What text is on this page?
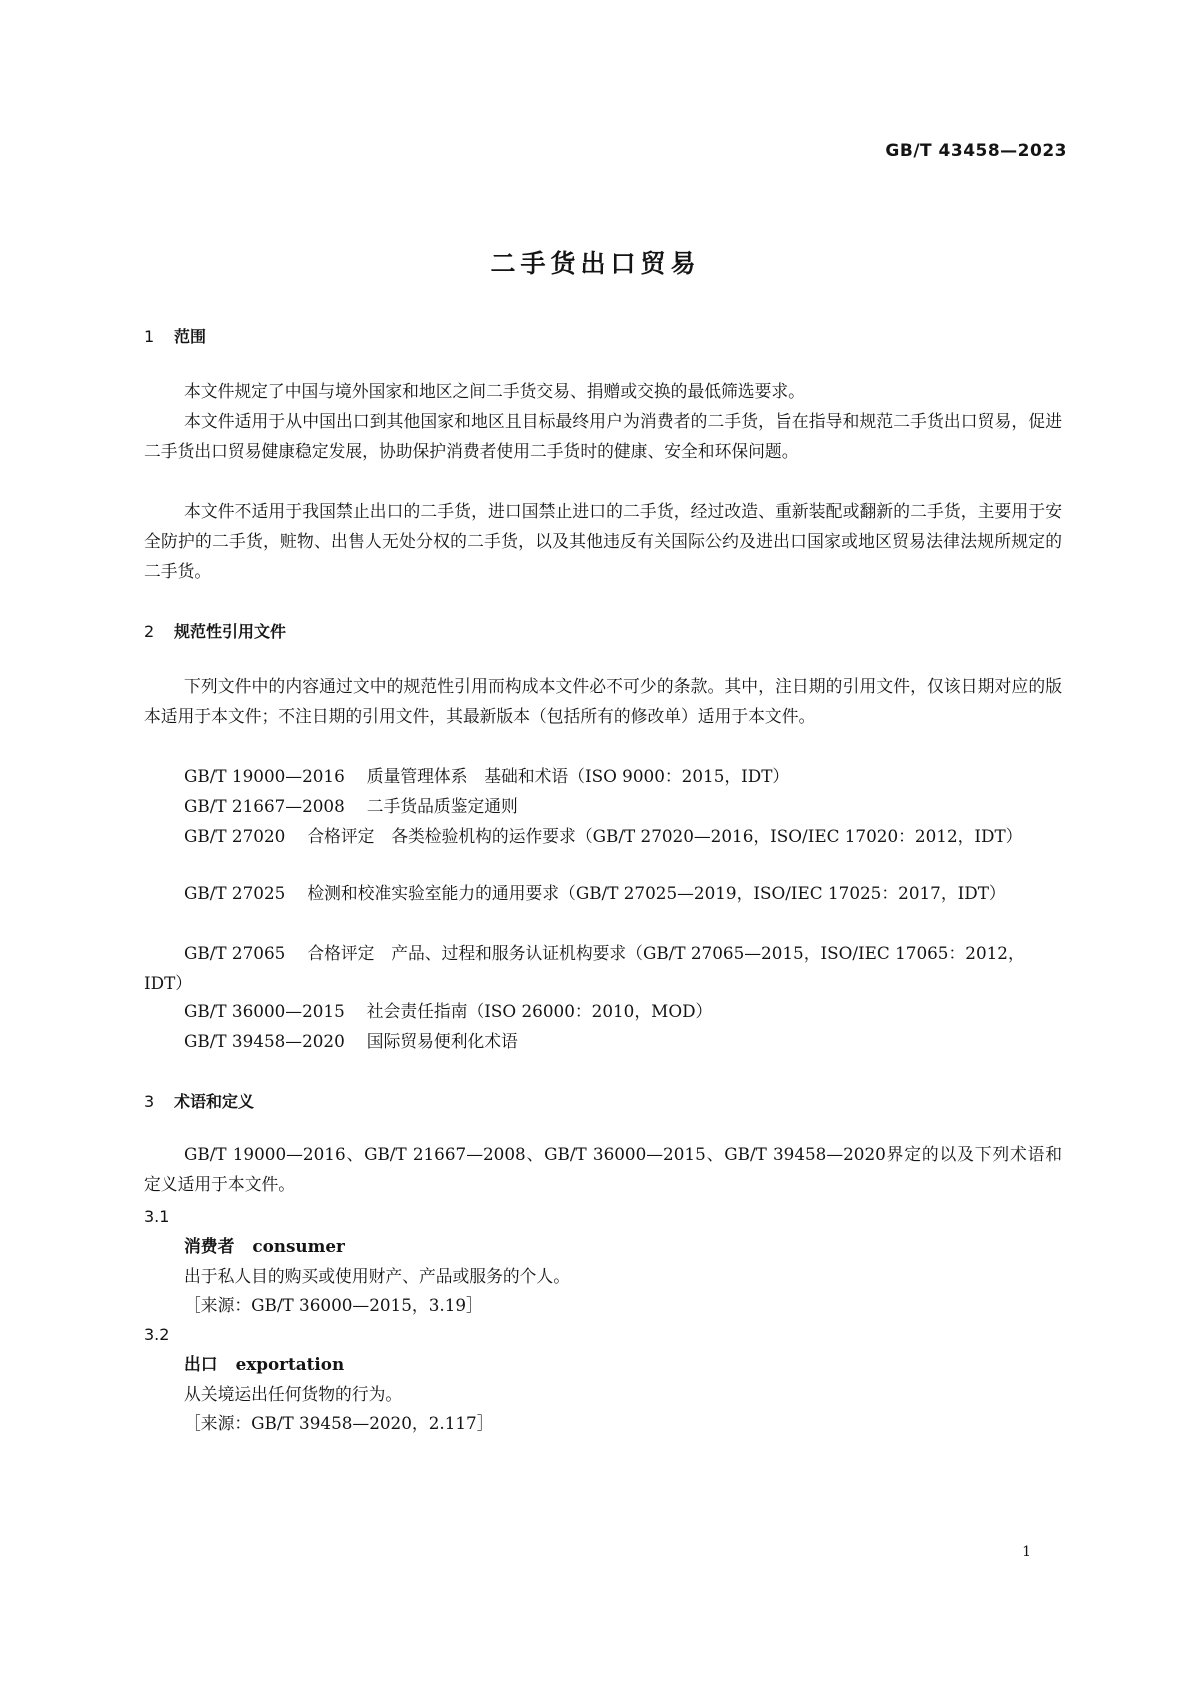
GB/T 43458—2023
二手货出口贸易
1 范围

本文件规定了中国与境外国家和地区之间二手货交易、捐赠或交换的最低筛选要求。

本文件适用于从中国出口到其他国家和地区且目标最终用户为消费者的二手货，旨在指导和规范二手货出口贸易，促进二手货出口贸易健康稳定发展，协助保护消费者使用二手货时的健康、安全和环保问题。

本文件不适用于我国禁止出口的二手货，进口国禁止进口的二手货，经过改造、重新装配或翻新的二手货，主要用于安全防护的二手货，赃物、出售人无处分权的二手货，以及其他违反有关国际公约及进出口国家或地区贸易法律法规所规定的二手货。

2 规范性引用文件

下列文件中的内容通过文中的规范性引用而构成本文件必不可少的条款。其中，注日期的引用文件，仅该日期对应的版本适用于本文件；不注日期的引用文件，其最新版本（包括所有的修改单）适用于本文件。

GB/T 19000—2016 质量管理体系　基础和术语（ISO 9000：2015，IDT）

GB/T 21667—2008 二手货品质鉴定通则

GB/T 27020 合格评定　各类检验机构的运作要求（GB/T 27020—2016，ISO/IEC 17020：2012，IDT）

GB/T 27025 检测和校准实验室能力的通用要求（GB/T 27025—2019，ISO/IEC 17025：2017，IDT）

GB/T 27065 合格评定　产品、过程和服务认证机构要求（GB/T 27065—2015，ISO/IEC 17065：2012，IDT）

GB/T 36000—2015 社会责任指南（ISO 26000：2010，MOD）

GB/T 39458—2020 国际贸易便利化术语

3 术语和定义

GB/T 19000—2016、GB/T 21667—2008、GB/T 36000—2015、GB/T 39458—2020界定的以及下列术语和定义适用于本文件。

3.1
消费者 consumer
出于私人目的购买或使用财产、产品或服务的个人。
［来源：GB/T 36000—2015，3.19］
3.2
出口 exportation
从关境运出任何货物的行为。
［来源：GB/T 39458—2020，2.117］
1
